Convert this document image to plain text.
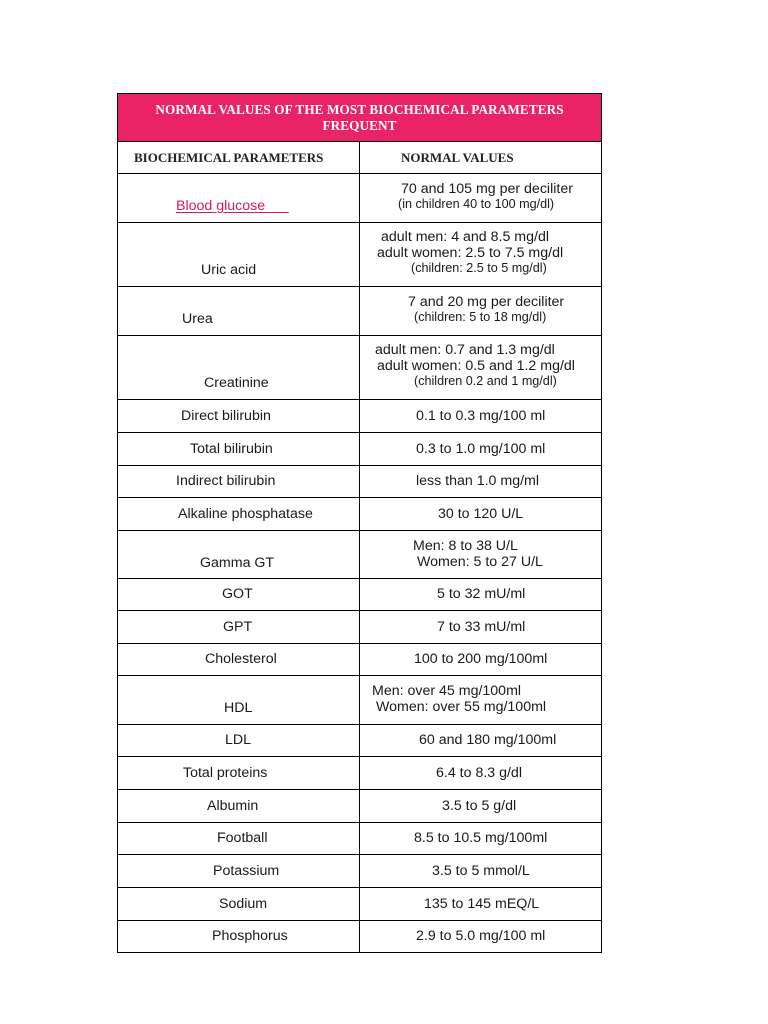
NORMAL VALUES OF THE MOST BIOCHEMICAL PARAMETERS
FREQUENT	
BIOCHEMICAL PARAMETERS	NORMAL VALUES

Blood glucose	70 and 105 mg per deciliter
(in children 40 to 100 mg/dl)

Uric acid	adult men: 4 and 8.5 mg/dl
adult women: 2.5 to 7.5 mg/dl
(children: 2.5 to 5 mg/dl)

Urea	7 and 20 mg per deciliter
(children: 5 to 18 mg/dl)

Creatinine	adult men: 0.7 and 1.3 mg/dl
adult women: 0.5 and 1.2 mg/dl
(children 0.2 and 1 mg/dl)

Direct bilirubin	0.1 to 0.3 mg/100 ml

Total bilirubin	0.3 to 1.0 mg/100 ml

Indirect bilirubin	less than 1.0 mg/ml

Alkaline phosphatase	30 to 120 U/L

Gamma GT	Men: 8 to 38 U/L
Women: 5 to 27 U/L

GOT	5 to 32 mU/ml

GPT	7 to 33 mU/ml

Cholesterol	100 to 200 mg/100ml

HDL	Men: over 45 mg/100ml
Women: over 55 mg/100ml

LDL	60 and 180 mg/100ml

Total proteins	6.4 to 8.3 g/dl

Albumin	3.5 to 5 g/dl

Football	8.5 to 10.5 mg/100ml

Potassium	3.5 to 5 mmol/L

Sodium	135 to 145 mEQ/L

Phosphorus	2.9 to 5.0 mg/100 ml
